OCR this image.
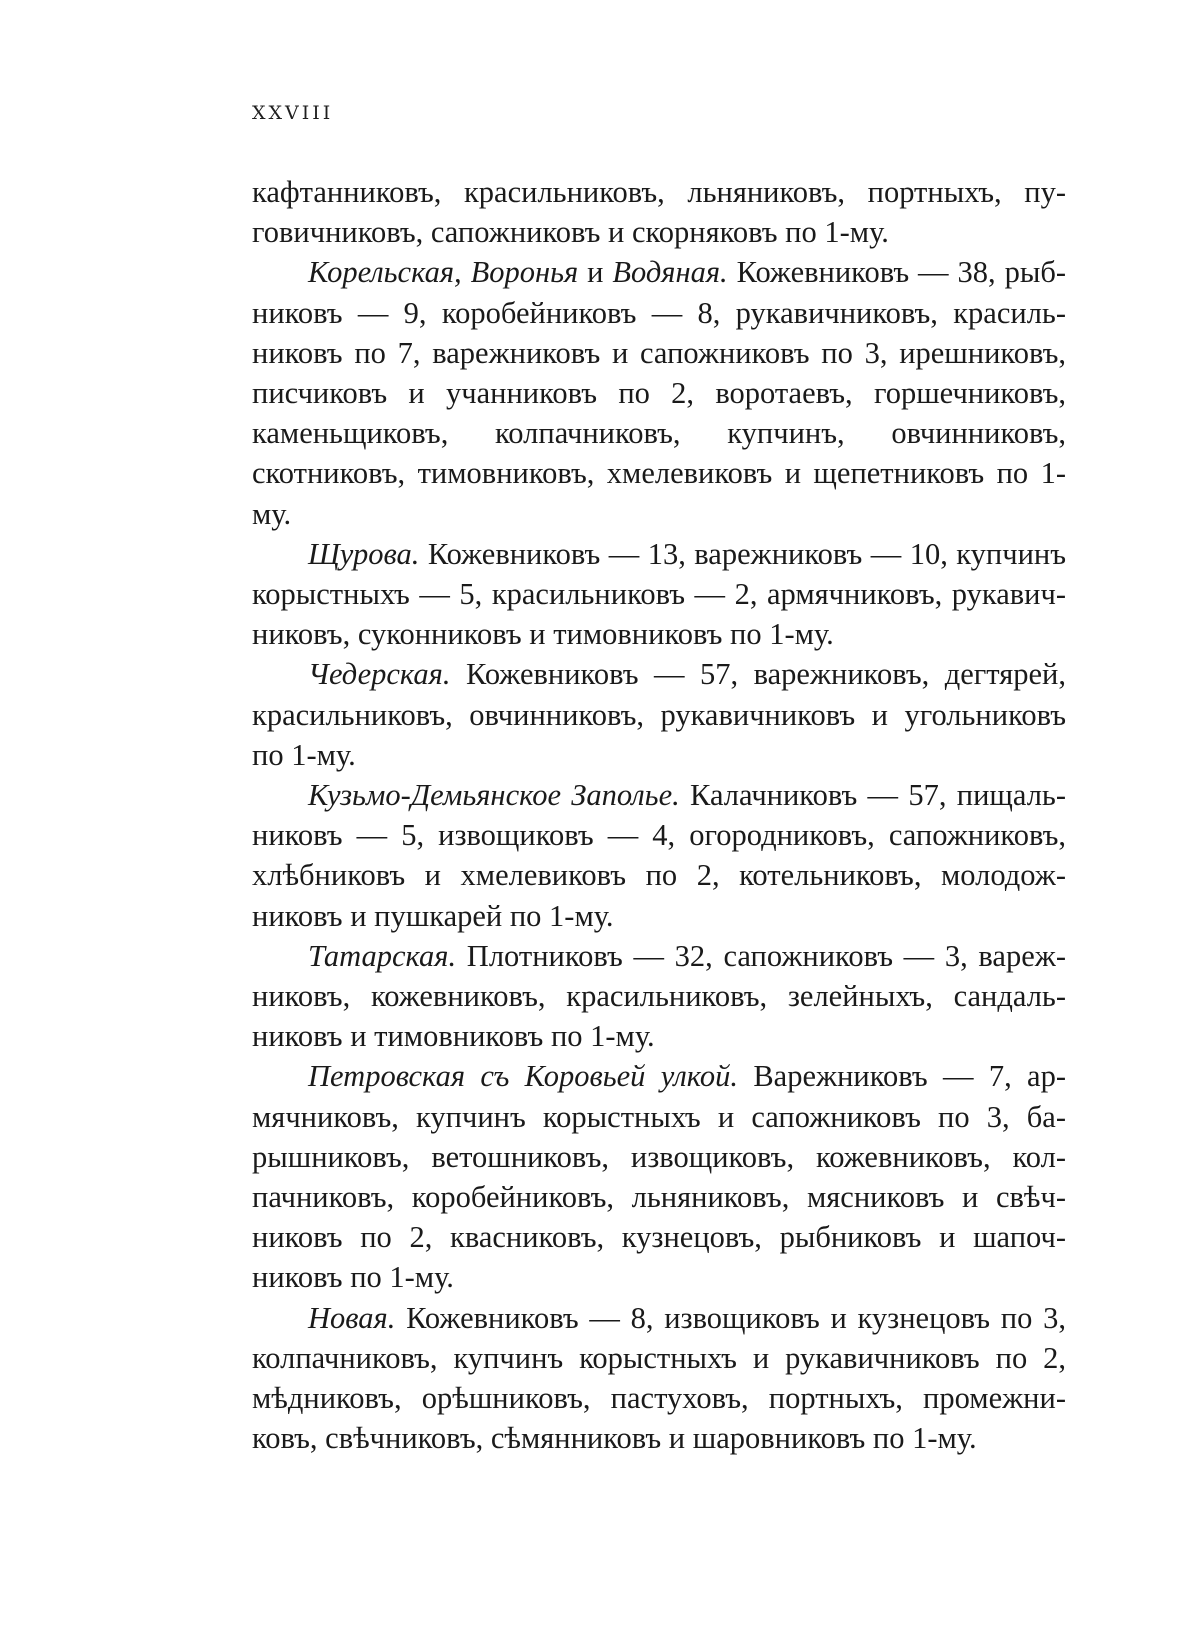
XXVIII

кафтанниковъ, красильниковъ, льняниковъ, портныхъ, пуговичниковъ, сапожниковъ и скорняковъ по 1-му.

Корельская, Воронья и Водяная. Кожевниковъ — 38, рыбниковъ — 9, коробейниковъ — 8, рукавичниковъ, красильниковъ по 7, варежниковъ и сапожниковъ по 3, ирешниковъ, писчиковъ и учанниковъ по 2, воротаевъ, горшечниковъ, каменьщиковъ, колпачниковъ, купчинъ, овчинниковъ, скотниковъ, тимовниковъ, хмелевиковъ и щепетниковъ по 1-му.

Щурова. Кожевниковъ — 13, варежниковъ — 10, купчинъ корыстныхъ — 5, красильниковъ — 2, армячниковъ, рукавичниковъ, суконниковъ и тимовниковъ по 1-му.

Чедерская. Кожевниковъ — 57, варежниковъ, дегтярей, красильниковъ, овчинниковъ, рукавичниковъ и угольниковъ по 1-му.

Кузьмо-Демьянское Заполье. Калачниковъ — 57, пищальниковъ — 5, извощиковъ — 4, огородниковъ, сапожниковъ, хлѣбниковъ и хмелевиковъ по 2, котельниковъ, молодожниковъ и пушкарей по 1-му.

Татарская. Плотниковъ — 32, сапожниковъ — 3, варежниковъ, кожевниковъ, красильниковъ, зелейныхъ, сандальниковъ и тимовниковъ по 1-му.

Петровская съ Коровьей улкой. Варежниковъ — 7, армячниковъ, купчинъ корыстныхъ и сапожниковъ по 3, барышниковъ, ветошниковъ, извощиковъ, кожевниковъ, колпачниковъ, коробейниковъ, льняниковъ, мясниковъ и свѣчниковъ по 2, квасниковъ, кузнецовъ, рыбниковъ и шапочниковъ по 1-му.

Новая. Кожевниковъ — 8, извощиковъ и кузнецовъ по 3, колпачниковъ, купчинъ корыстныхъ и рукавичниковъ по 2, мѣдниковъ, орѣшниковъ, пастуховъ, портныхъ, промежниковъ, свѣчниковъ, сѣмянниковъ и шаровниковъ по 1-му.
